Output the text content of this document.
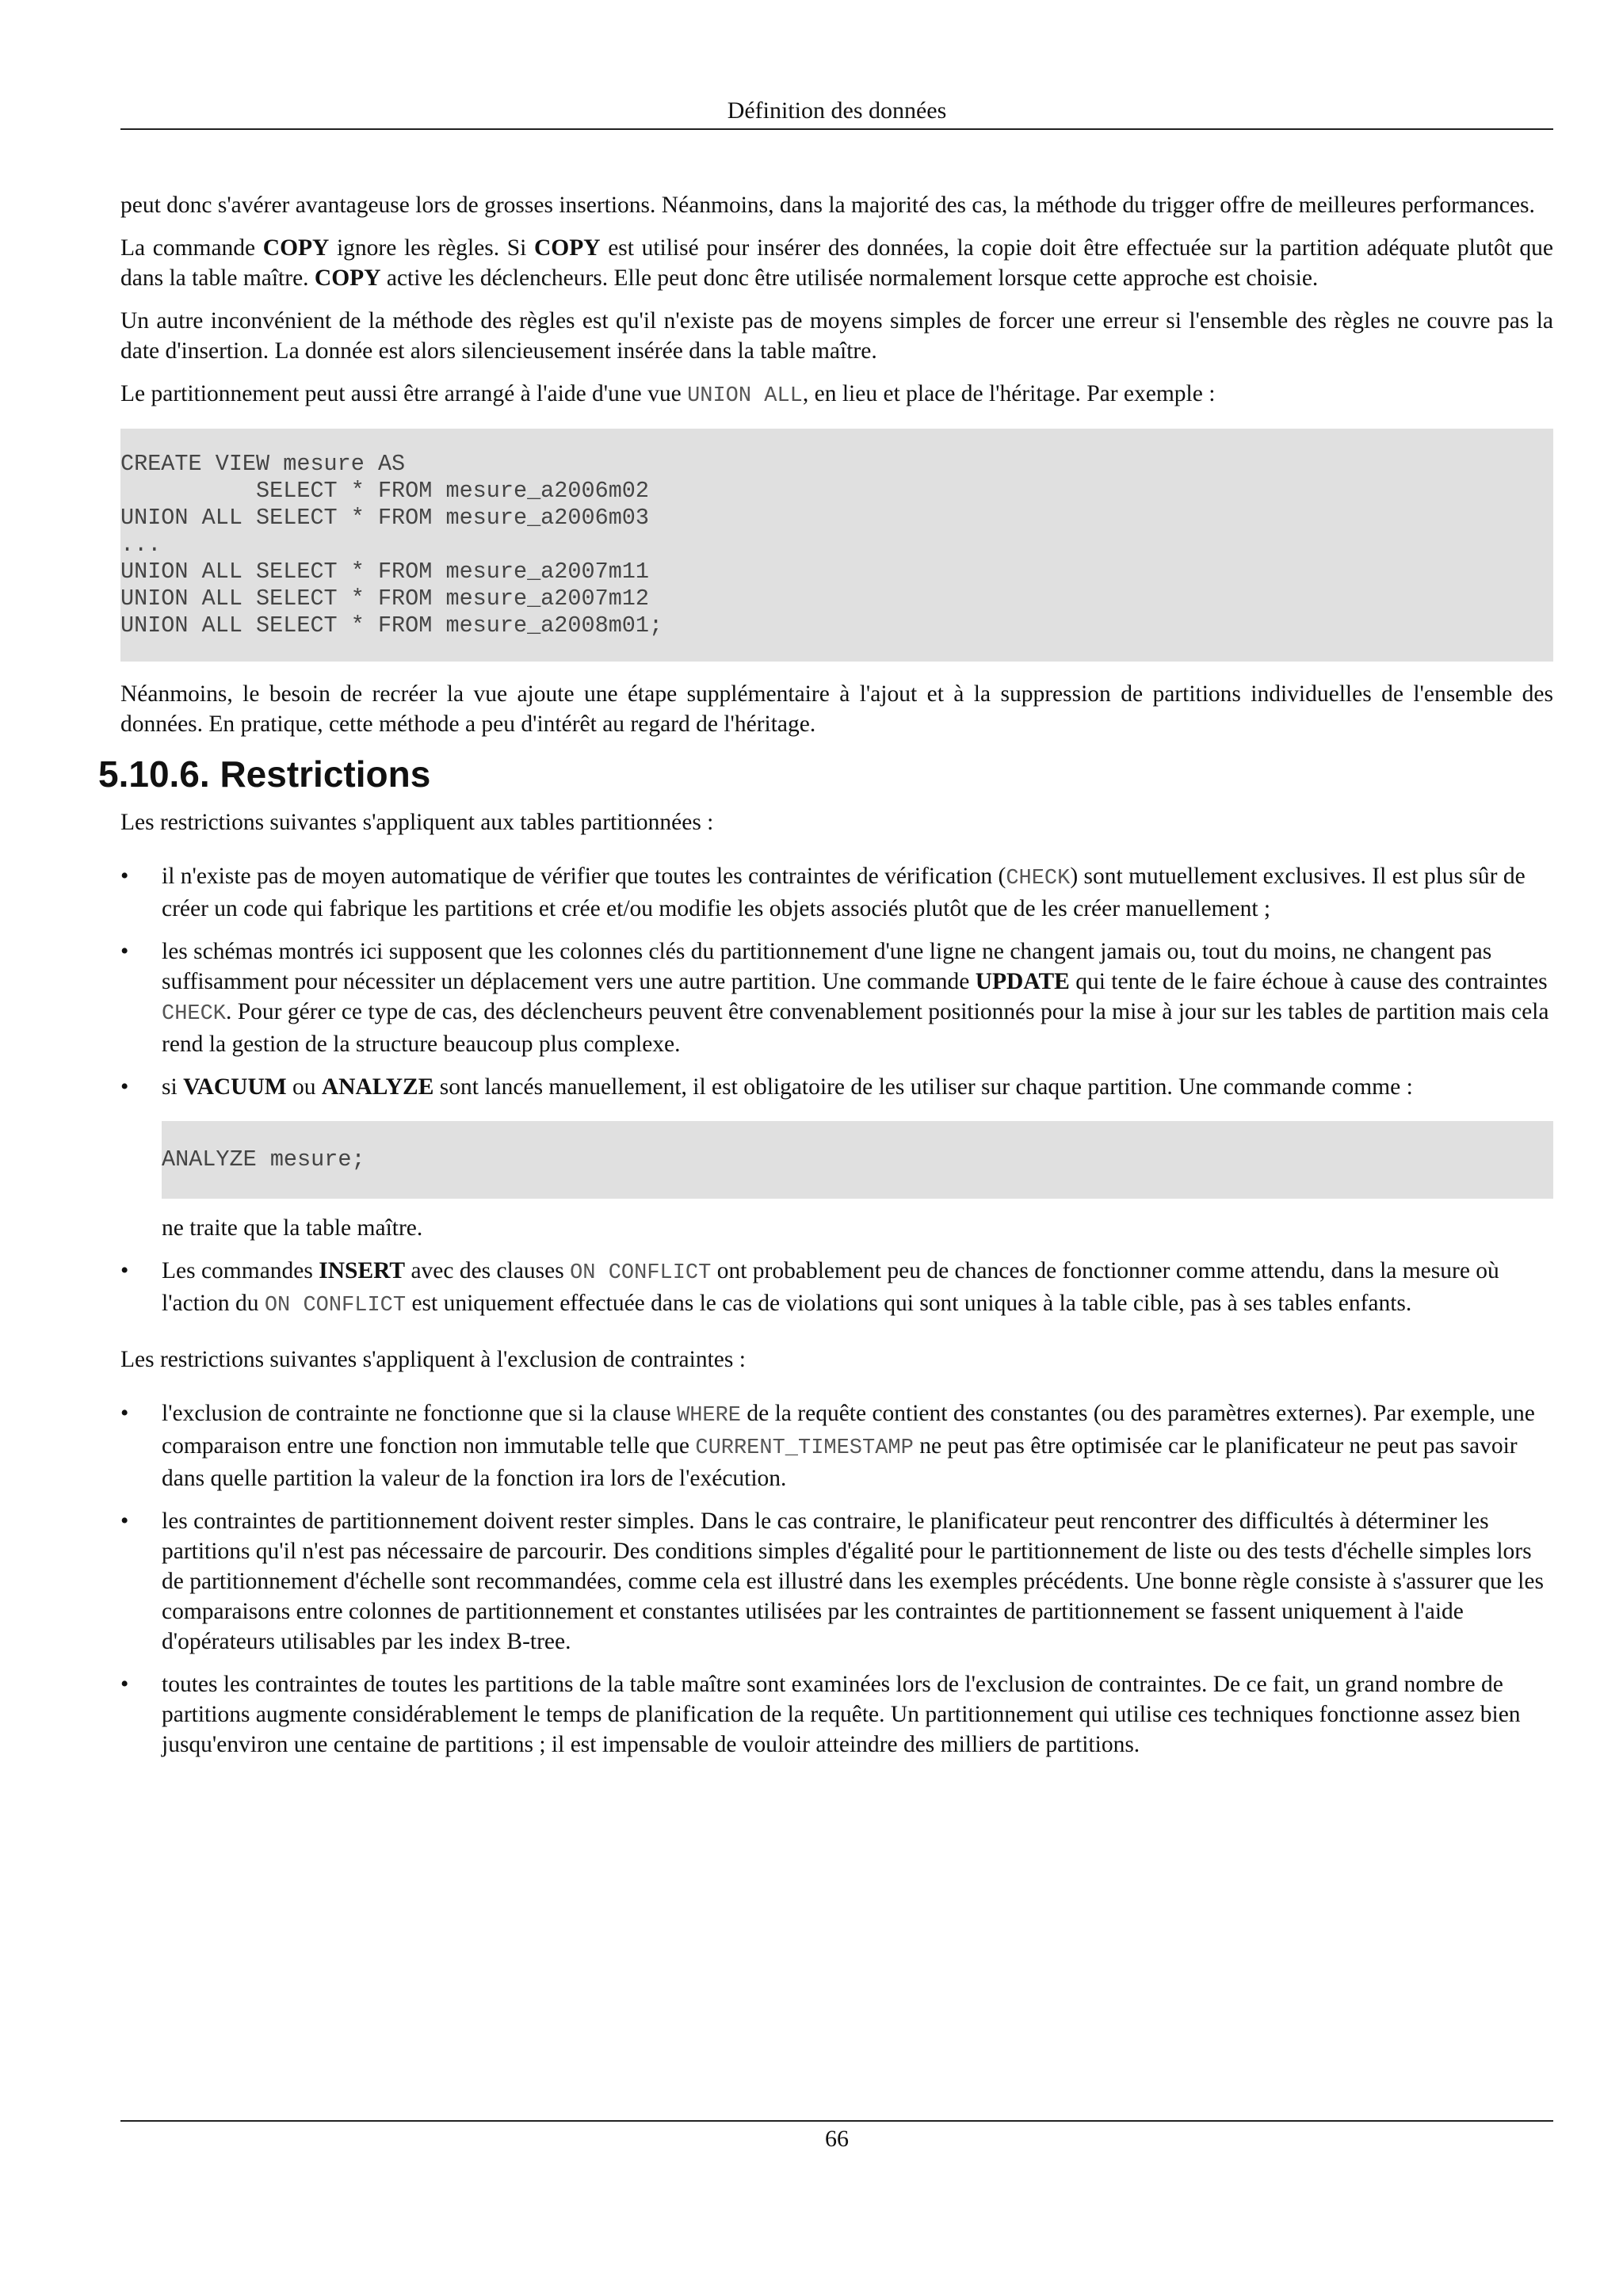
Définition des données

peut donc s'avérer avantageuse lors de grosses insertions. Néanmoins, dans la majorité des cas, la méthode du trigger offre de meilleures performances.

La commande COPY ignore les règles. Si COPY est utilisé pour insérer des données, la copie doit être effectuée sur la partition adéquate plutôt que dans la table maître. COPY active les déclencheurs. Elle peut donc être utilisée normalement lorsque cette approche est choisie.

Un autre inconvénient de la méthode des règles est qu'il n'existe pas de moyens simples de forcer une erreur si l'ensemble des règles ne couvre pas la date d'insertion. La donnée est alors silencieusement insérée dans la table maître.

Le partitionnement peut aussi être arrangé à l'aide d'une vue UNION ALL, en lieu et place de l'héritage. Par exemple :

CREATE VIEW mesure AS
SELECT * FROM mesure_a2006m02
UNION ALL SELECT * FROM mesure_a2006m03
...
UNION ALL SELECT * FROM mesure_a2007m11
UNION ALL SELECT * FROM mesure_a2007m12
UNION ALL SELECT * FROM mesure_a2008m01;

Néanmoins, le besoin de recréer la vue ajoute une étape supplémentaire à l'ajout et à la suppression de partitions individuelles de l'ensemble des données. En pratique, cette méthode a peu d'intérêt au regard de l'héritage.

5.10.6. Restrictions

Les restrictions suivantes s'appliquent aux tables partitionnées :

• il n'existe pas de moyen automatique de vérifier que toutes les contraintes de vérification (CHECK) sont mutuellement exclusives. Il est plus sûr de créer un code qui fabrique les partitions et crée et/ou modifie les objets associés plutôt que de les créer manuellement ;

• les schémas montrés ici supposent que les colonnes clés du partitionnement d'une ligne ne changent jamais ou, tout du moins, ne changent pas suffisamment pour nécessiter un déplacement vers une autre partition. Une commande UPDATE qui tente de le faire échoue à cause des contraintes CHECK. Pour gérer ce type de cas, des déclencheurs peuvent être convenablement positionnés pour la mise à jour sur les tables de partition mais cela rend la gestion de la structure beaucoup plus complexe.

• si VACUUM ou ANALYZE sont lancés manuellement, il est obligatoire de les utiliser sur chaque partition. Une commande comme :

ANALYZE mesure;

ne traite que la table maître.

• Les commandes INSERT avec des clauses ON CONFLICT ont probablement peu de chances de fonctionner comme attendu, dans la mesure où l'action du ON CONFLICT est uniquement effectuée dans le cas de violations qui sont uniques à la table cible, pas à ses tables enfants.

Les restrictions suivantes s'appliquent à l'exclusion de contraintes :

• l'exclusion de contrainte ne fonctionne que si la clause WHERE de la requête contient des constantes (ou des paramètres externes). Par exemple, une comparaison entre une fonction non immutable telle que CURRENT_TIMESTAMP ne peut pas être optimisée car le planificateur ne peut pas savoir dans quelle partition la valeur de la fonction ira lors de l'exécution.

• les contraintes de partitionnement doivent rester simples. Dans le cas contraire, le planificateur peut rencontrer des difficultés à déterminer les partitions qu'il n'est pas nécessaire de parcourir. Des conditions simples d'égalité pour le partitionnement de liste ou des tests d'échelle simples lors de partitionnement d'échelle sont recommandées, comme cela est illustré dans les exemples précédents. Une bonne règle consiste à s'assurer que les comparaisons entre colonnes de partitionnement et constantes utilisées par les contraintes de partitionnement se fassent uniquement à l'aide d'opérateurs utilisables par les index B-tree.

• toutes les contraintes de toutes les partitions de la table maître sont examinées lors de l'exclusion de contraintes. De ce fait, un grand nombre de partitions augmente considérablement le temps de planification de la requête. Un partitionnement qui utilise ces techniques fonctionne assez bien jusqu'environ une centaine de partitions ; il est impensable de vouloir atteindre des milliers de partitions.

66
